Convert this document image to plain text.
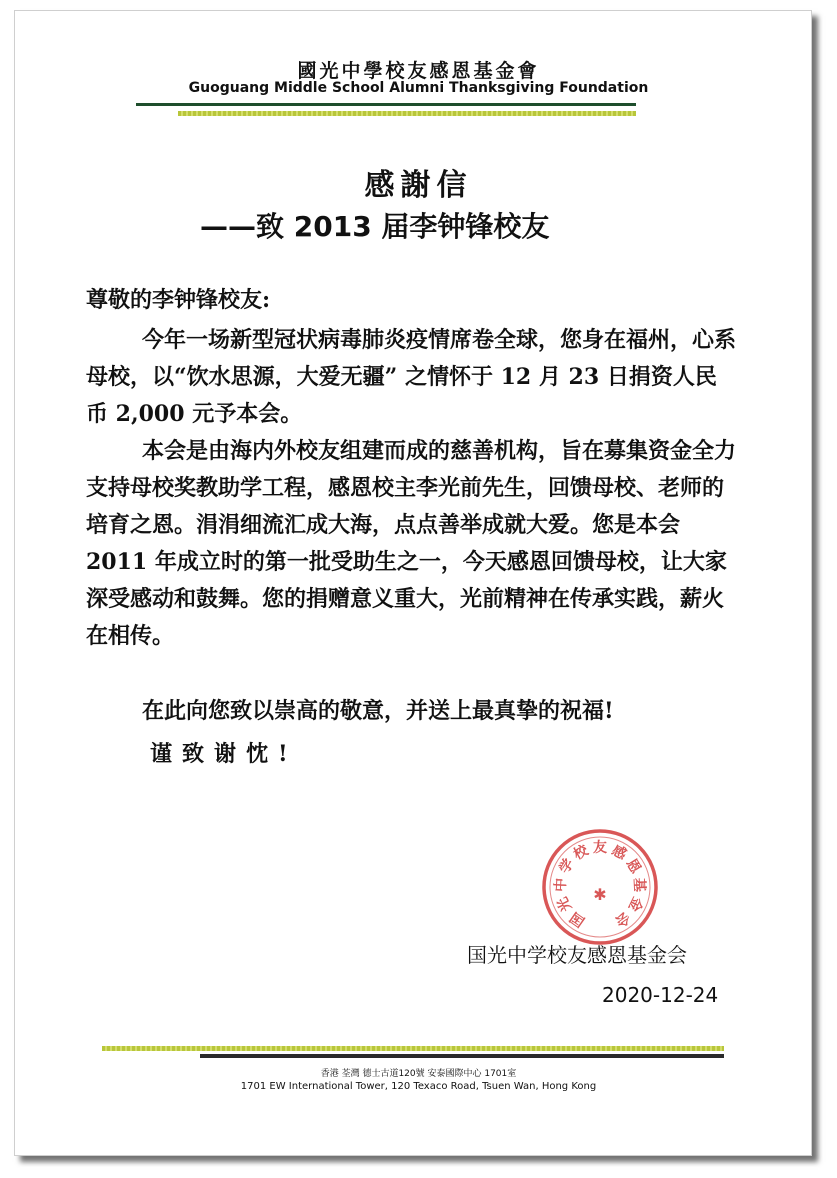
國光中學校友感恩基金會
Guoguang Middle School Alumni Thanksgiving Foundation
感謝信
——致 2013 届李钟锋校友
尊敬的李钟锋校友:
今年一场新型冠状病毒肺炎疫情席卷全球，您身在福州，心系母校，以“饮水思源，大爱无疆” 之情怀于 12 月 23 日捐资人民币 2,000 元予本会。
本会是由海内外校友组建而成的慈善机构，旨在募集资金全力支持母校奖教助学工程，感恩校主李光前先生，回馈母校、老师的培育之恩。涓涓细流汇成大海，点点善举成就大爱。您是本会 2011 年成立时的第一批受助生之一，今天感恩回馈母校，让大家深受感动和鼓舞。您的捐赠意义重大，光前精神在传承实践，薪火在相传。
在此向您致以崇高的敬意，并送上最真挚的祝福!
谨致谢忱!
✱
国
光
中
学
校 友 感
恩
基
金
会
国光中学校友感恩基金会
2020-12-24
香港 荃灣 德士古道120號 安泰國際中心 1701室
1701 EW International Tower, 120 Texaco Road, Tsuen Wan, Hong Kong
